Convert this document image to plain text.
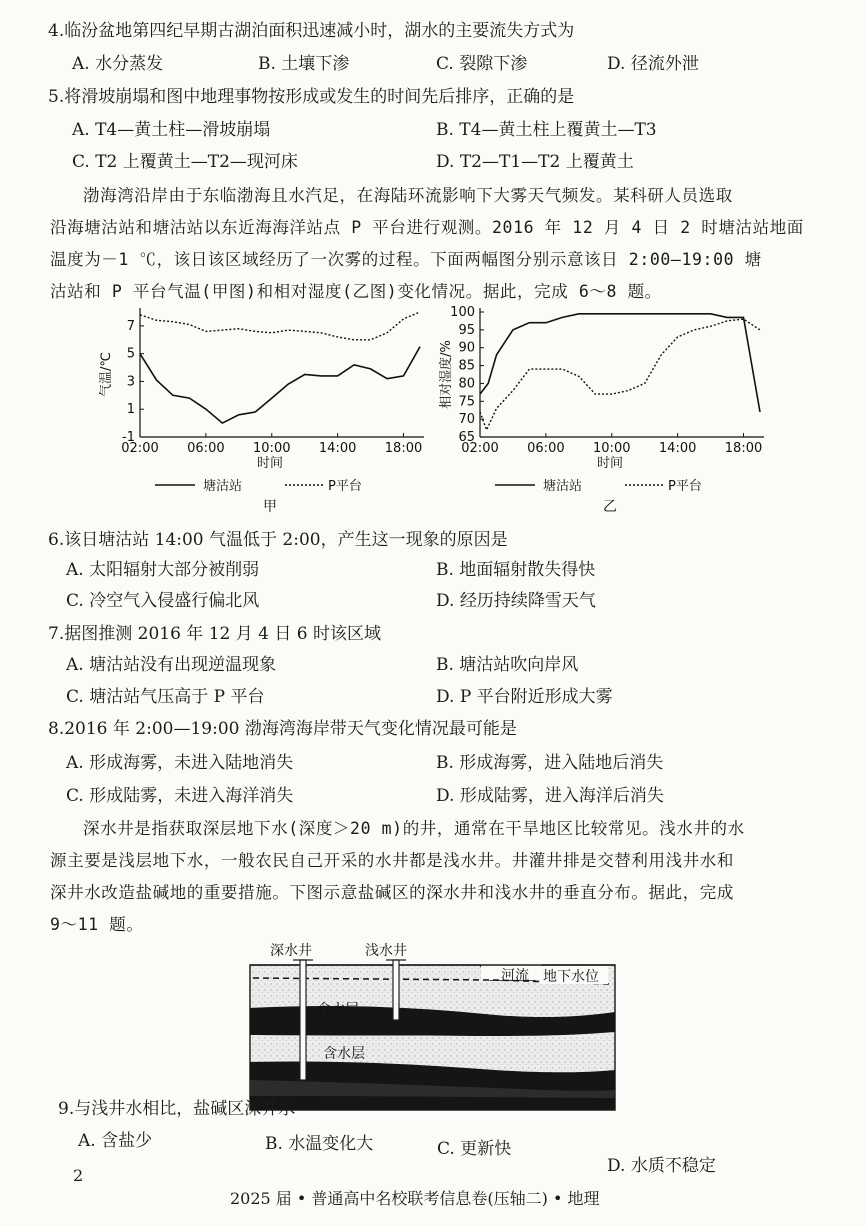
4.临汾盆地第四纪早期古湖泊面积迅速减小时，湖水的主要流失方式为
A. 水分蒸发	B. 土壤下渗	C. 裂隙下渗	D. 径流外泄
5.将滑坡崩塌和图中地理事物按形成或发生的时间先后排序，正确的是
A. T4—黄土柱—滑坡崩塌	B. T4—黄土柱上覆黄土—T3
C. T2 上覆黄土—T2—现河床	D. T2—T1—T2 上覆黄土

渤海湾沿岸由于东临渤海且水汽足，在海陆环流影响下大雾天气频发。某科研人员选取

沿海塘沽站和塘沽站以东近海海洋站点 P 平台进行观测。2016 年 12 月 4 日 2 时塘沽站地面

温度为－1 ℃，该日该区域经历了一次雾的过程。下面两幅图分别示意该日 2:00—19:00 塘

沽站和 P 平台气温(甲图)和相对湿度(乙图)变化情况。据此，完成 6～8 题。

-1
1
3
5
7
02:00 06:00 10:00 14:00 18:00
时间
气温/℃
塘沽站	P平台
甲
65
70
75
80
85
90
95
100
02:00 06:00 10:00 14:00 18:00
时间
相对湿度/%
塘沽站	P平台
乙
6.该日塘沽站 14:00 气温低于 2:00，产生这一现象的原因是
A. 太阳辐射大部分被削弱	B. 地面辐射散失得快
C. 冷空气入侵盛行偏北风	D. 经历持续降雪天气
7.据图推测 2016 年 12 月 4 日 6 时该区域
A. 塘沽站没有出现逆温现象	B. 塘沽站吹向岸风
C. 塘沽站气压高于 P 平台	D. P 平台附近形成大雾
8.2016 年 2:00—19:00 渤海湾海岸带天气变化情况最可能是
A. 形成海雾，未进入陆地消失	B. 形成海雾，进入陆地后消失
C. 形成陆雾，未进入海洋消失	D. 形成陆雾，进入海洋后消失

深水井是指获取深层地下水(深度＞20 m)的井，通常在干旱地区比较常见。浅水井的水

源主要是浅层地下水，一般农民自己开采的水井都是浅水井。井灌井排是交替利用浅井水和

深井水改造盐碱地的重要措施。下图示意盐碱区的深水井和浅水井的垂直分布。据此，完成

9～11 题。

深水井	浅水井
河流 地下水位
含水层
含水层
9.与浅井水相比，盐碱区深井水
A. 含盐少	B. 水温变化大	C. 更新快
D. 水质不稳定
2
2025 届 • 普通高中名校联考信息卷(压轴二) • 地理
